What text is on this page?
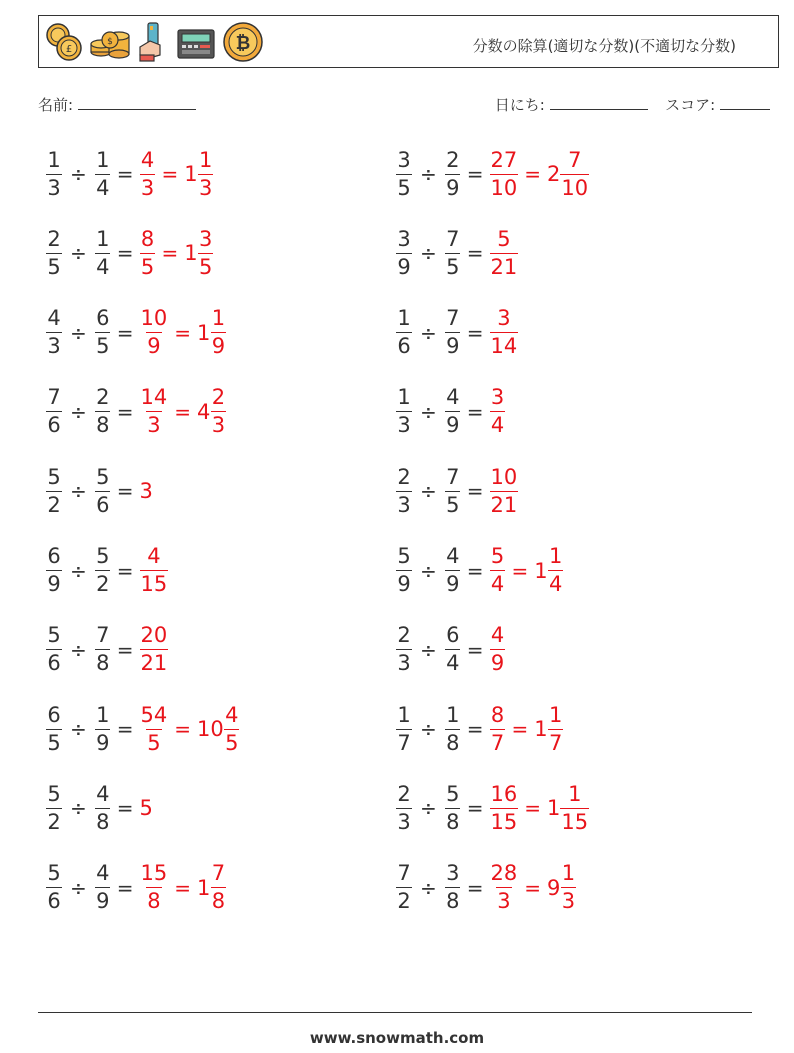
£
$	₿	分数の除算(適切な分数)(不適切な分数)
名前:	日にち:	スコア:
$\frac{1}{3} \div \frac{1}{4} = \frac{4}{3} = 1 \frac{1}{3}$	$\frac{3}{5} \div \frac{2}{9} = \frac{27}{10} = 2 \frac{7}{10}$
$\frac{2}{5} \div \frac{1}{4} = \frac{8}{5} = 1 \frac{3}{5}$	$\frac{3}{9} \div \frac{7}{5} = \frac{5}{21}$
$\frac{4}{3} \div \frac{6}{5} = \frac{10}{9} = 1 \frac{1}{9}$	$\frac{1}{6} \div \frac{7}{9} = \frac{3}{14}$
$\frac{7}{6} \div \frac{2}{8} = \frac{14}{3} = 4 \frac{2}{3}$	$\frac{1}{3} \div \frac{4}{9} = \frac{3}{4}$
$\frac{5}{2} \div \frac{5}{6} = 3$	$\frac{2}{3} \div \frac{7}{5} = \frac{10}{21}$
$\frac{6}{9} \div \frac{5}{2} = \frac{4}{15}$	$\frac{5}{9} \div \frac{4}{9} = \frac{5}{4} = 1 \frac{1}{4}$
$\frac{5}{6} \div \frac{7}{8} = \frac{20}{21}$	$\frac{2}{3} \div \frac{6}{4} = \frac{4}{9}$
$\frac{6}{5} \div \frac{1}{9} = \frac{54}{5} = 10 \frac{4}{5}$	$\frac{1}{7} \div \frac{1}{8} = \frac{8}{7} = 1 \frac{1}{7}$
$\frac{5}{2} \div \frac{4}{8} = 5$	$\frac{2}{3} \div \frac{5}{8} = \frac{16}{15} = 1 \frac{1}{15}$
$\frac{5}{6} \div \frac{4}{9} = \frac{15}{8} = 1 \frac{7}{8}$	$\frac{7}{2} \div \frac{3}{8} = \frac{28}{3} = 9 \frac{1}{3}$
www.snowmath.com
